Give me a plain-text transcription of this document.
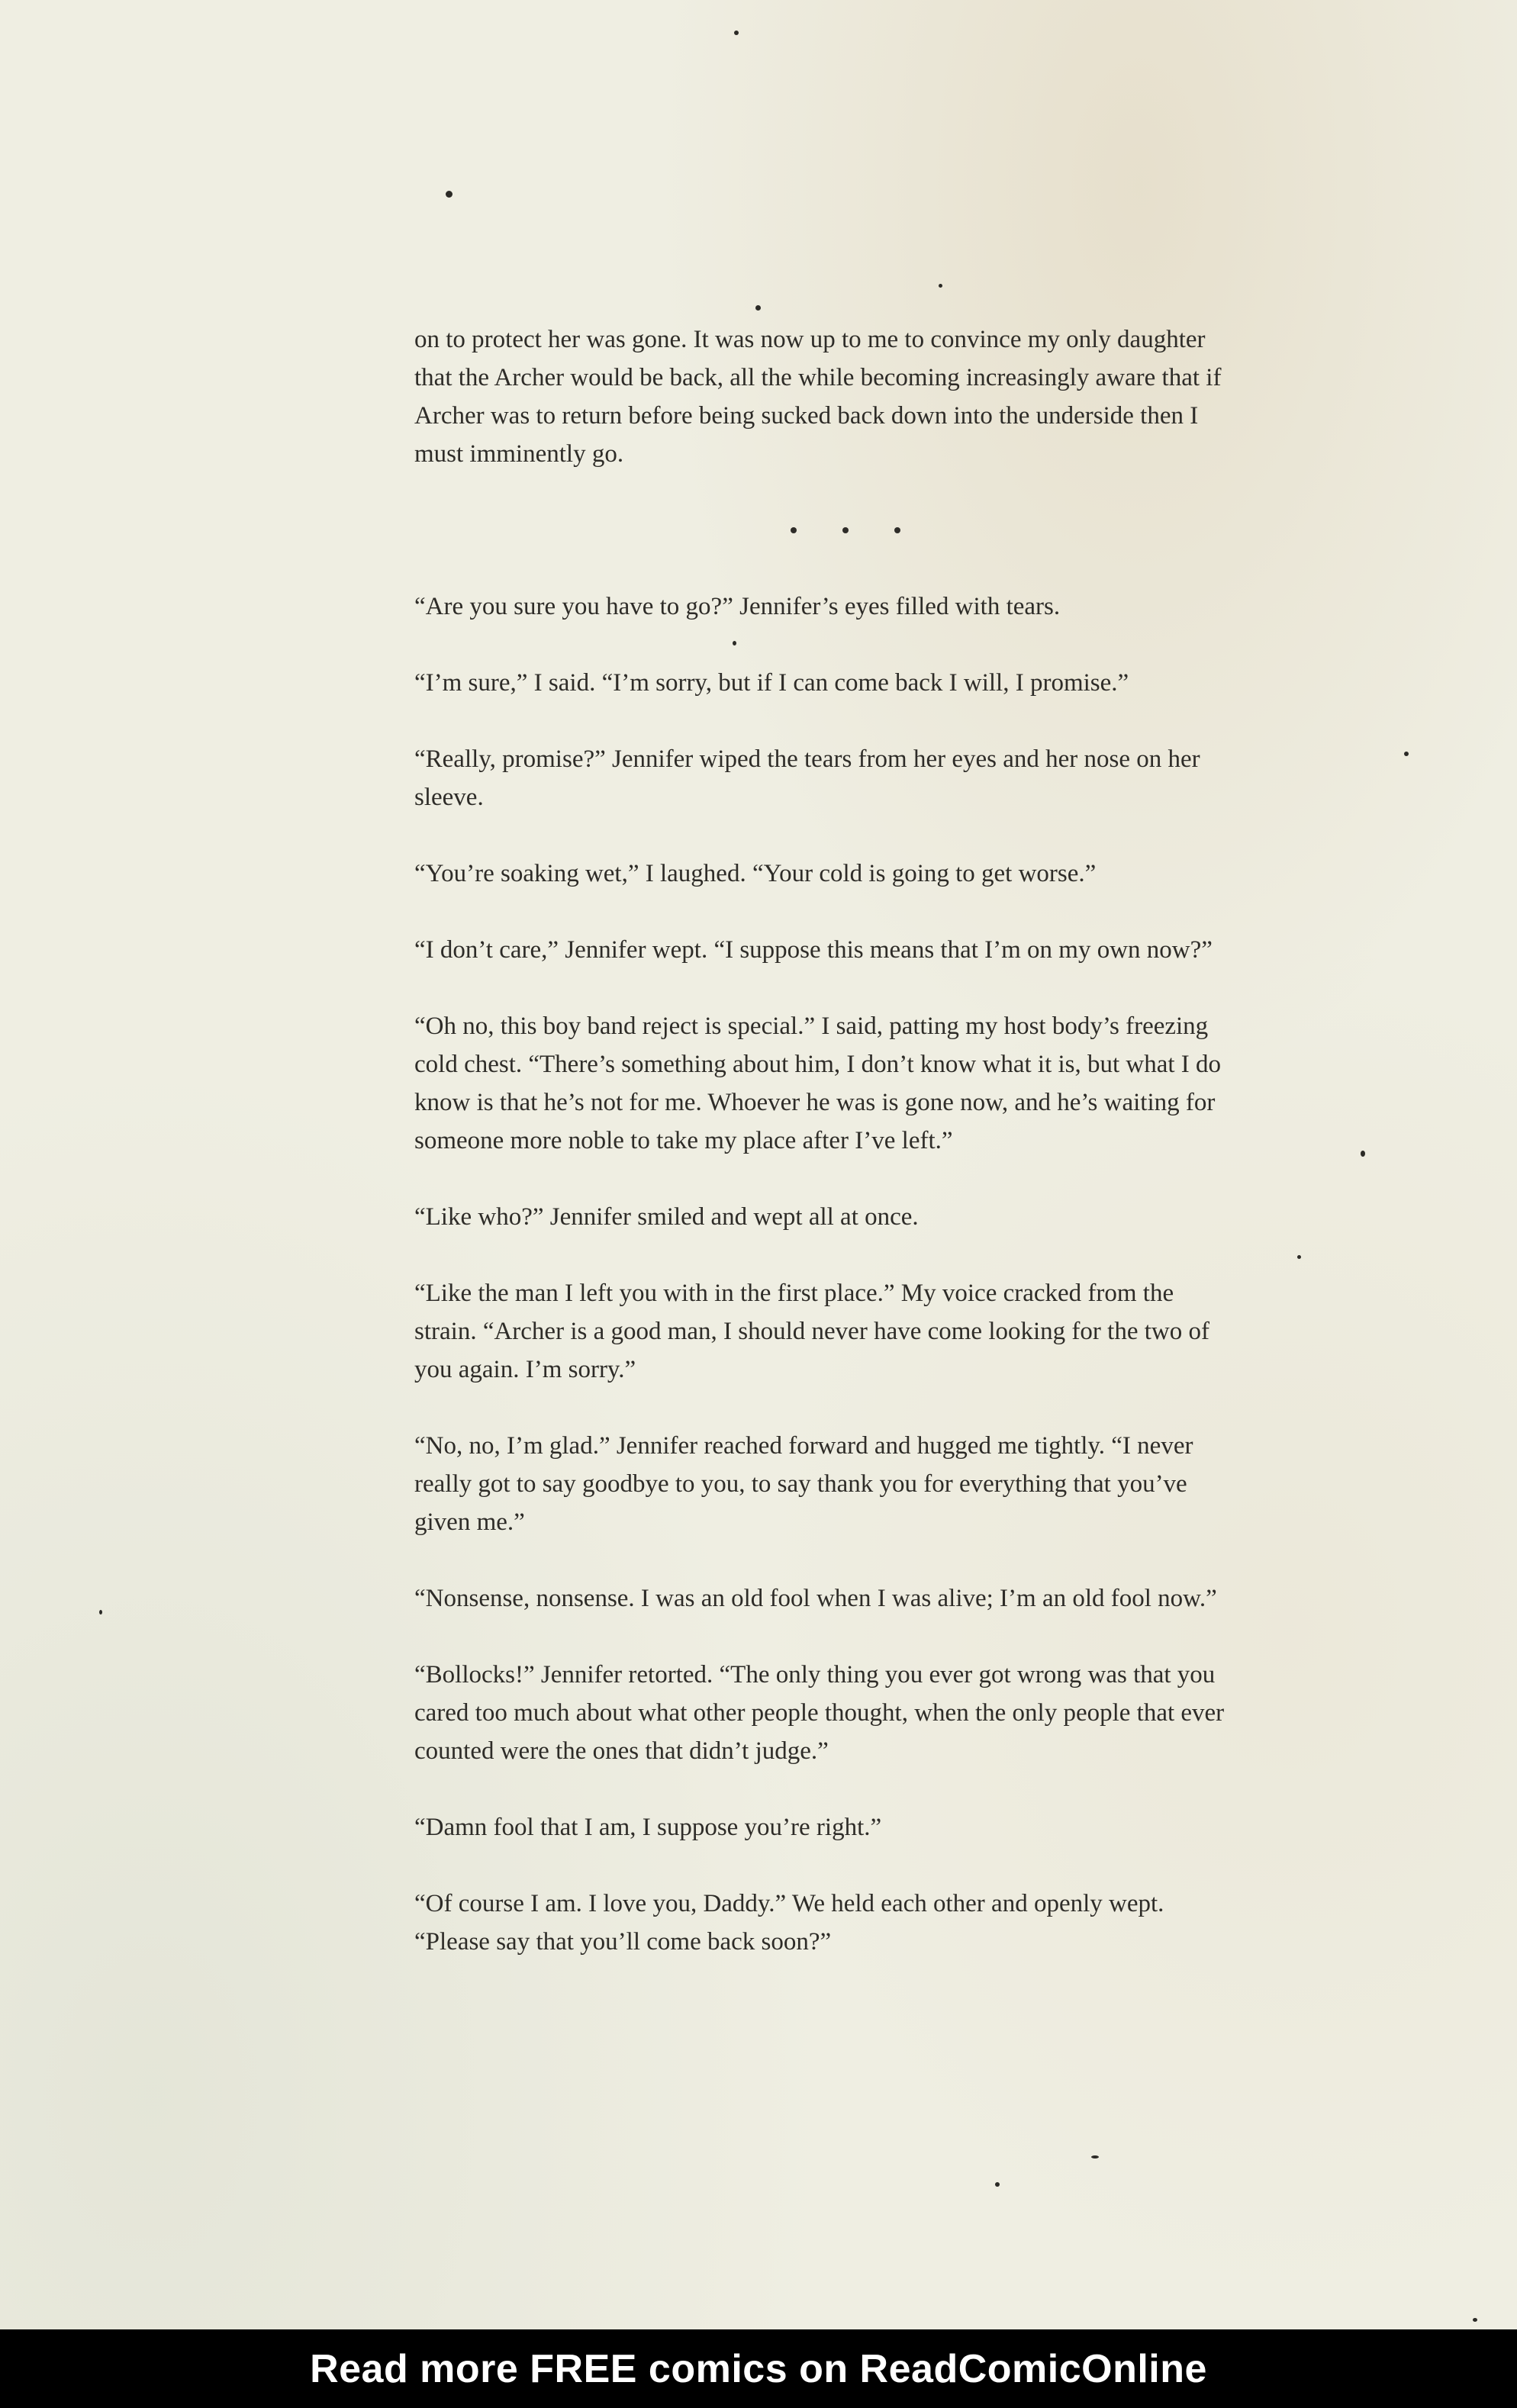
on to protect her was gone. It was now up to me to convince my only daughter that the Archer would be back, all the while becoming increasingly aware that if Archer was to return before being sucked back down into the underside then I must imminently go.

“Are you sure you have to go?” Jennifer’s eyes filled with tears.

“I’m sure,” I said. “I’m sorry, but if I can come back I will, I promise.”

“Really, promise?” Jennifer wiped the tears from her eyes and her nose on her sleeve.

“You’re soaking wet,” I laughed. “Your cold is going to get worse.”

“I don’t care,” Jennifer wept. “I suppose this means that I’m on my own now?”

“Oh no, this boy band reject is special.” I said, patting my host body’s freezing cold chest. “There’s something about him, I don’t know what it is, but what I do know is that he’s not for me. Whoever he was is gone now, and he’s waiting for someone more noble to take my place after I’ve left.”

“Like who?” Jennifer smiled and wept all at once.

“Like the man I left you with in the first place.” My voice cracked from the strain. “Archer is a good man, I should never have come looking for the two of you again. I’m sorry.”

“No, no, I’m glad.” Jennifer reached forward and hugged me tightly. “I never really got to say goodbye to you, to say thank you for everything that you’ve given me.”

“Nonsense, nonsense. I was an old fool when I was alive; I’m an old fool now.”

“Bollocks!” Jennifer retorted. “The only thing you ever got wrong was that you cared too much about what other people thought, when the only people that ever counted were the ones that didn’t judge.”

“Damn fool that I am, I suppose you’re right.”

“Of course I am. I love you, Daddy.” We held each other and openly wept. “Please say that you’ll come back soon?”

Read more FREE comics on ReadComicOnline
